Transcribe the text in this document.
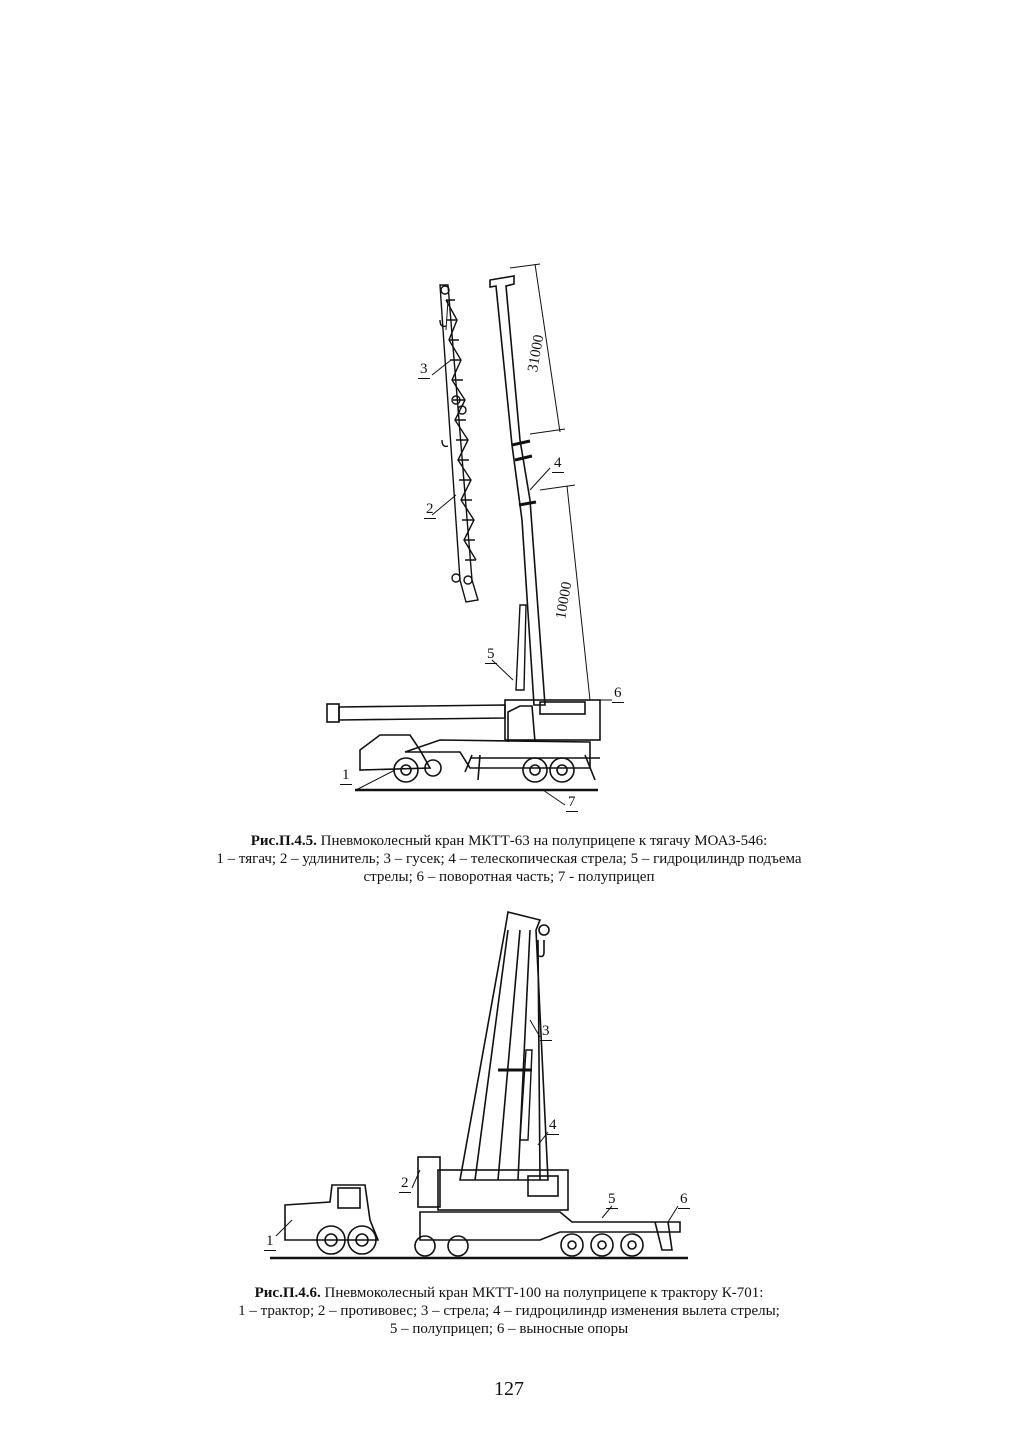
1
2
3
4
5
6
7
31000
10000
Рис.П.4.5. Пневмоколесный кран МКТТ-63 на полуприцепе к тягачу МОАЗ-546:
1 – тягач; 2 – удлинитель; 3 – гусек; 4 – телескопическая стрела; 5 – гидроцилиндр подъема
стрелы; 6 – поворотная часть; 7 - полуприцеп
1
2
3
4
5	6
Рис.П.4.6. Пневмоколесный кран МКТТ-100 на полуприцепе к трактору К-701:
1 – трактор; 2 – противовес; 3 – стрела; 4 – гидроцилиндр изменения вылета стрелы;
5 – полуприцеп; 6 – выносные опоры
127
